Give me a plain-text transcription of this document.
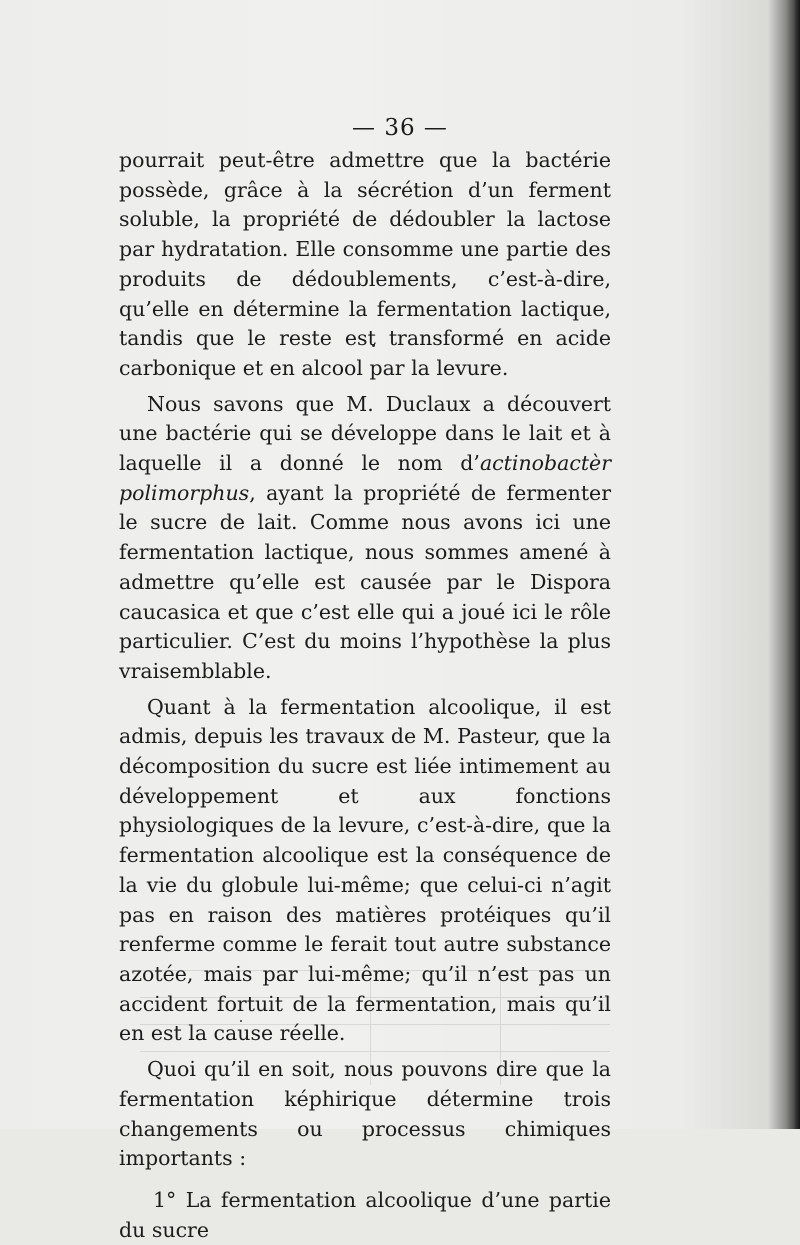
— 36 —

pourrait peut-être admettre que la bactérie possède, grâce à la sécrétion d’un ferment soluble, la propriété de dédoubler la lactose par hydratation. Elle consomme une partie des produits de dédoublements, c’est-à-dire, qu’elle en détermine la fermentation lactique, tandis que le reste est transformé en acide carbonique et en alcool par la levure.

Nous savons que M. Duclaux a découvert une bactérie qui se développe dans le lait et à laquelle il a donné le nom d’actinobactèr polimorphus, ayant la propriété de fermenter le sucre de lait. Comme nous avons ici une fermentation lactique, nous sommes amené à admettre qu’elle est causée par le Dispora caucasica et que c’est elle qui a joué ici le rôle particulier. C’est du moins l’hypothèse la plus vraisemblable.

Quant à la fermentation alcoolique, il est admis, depuis les travaux de M. Pasteur, que la décomposition du sucre est liée intimement au développement et aux fonctions physiologiques de la levure, c’est-à-dire, que la fermentation alcoolique est la conséquence de la vie du globule lui-même; que celui-ci n’agit pas en raison des matières protéiques qu’il renferme comme le ferait tout autre substance azotée, mais par lui-même; qu’il n’est pas un accident fortuit de la fermentation, mais qu’il en est la cause réelle.

Quoi qu’il en soit, nous pouvons dire que la fermentation képhirique détermine trois changements ou processus chimiques importants :

1° La fermentation alcoolique d’une partie du sucre
